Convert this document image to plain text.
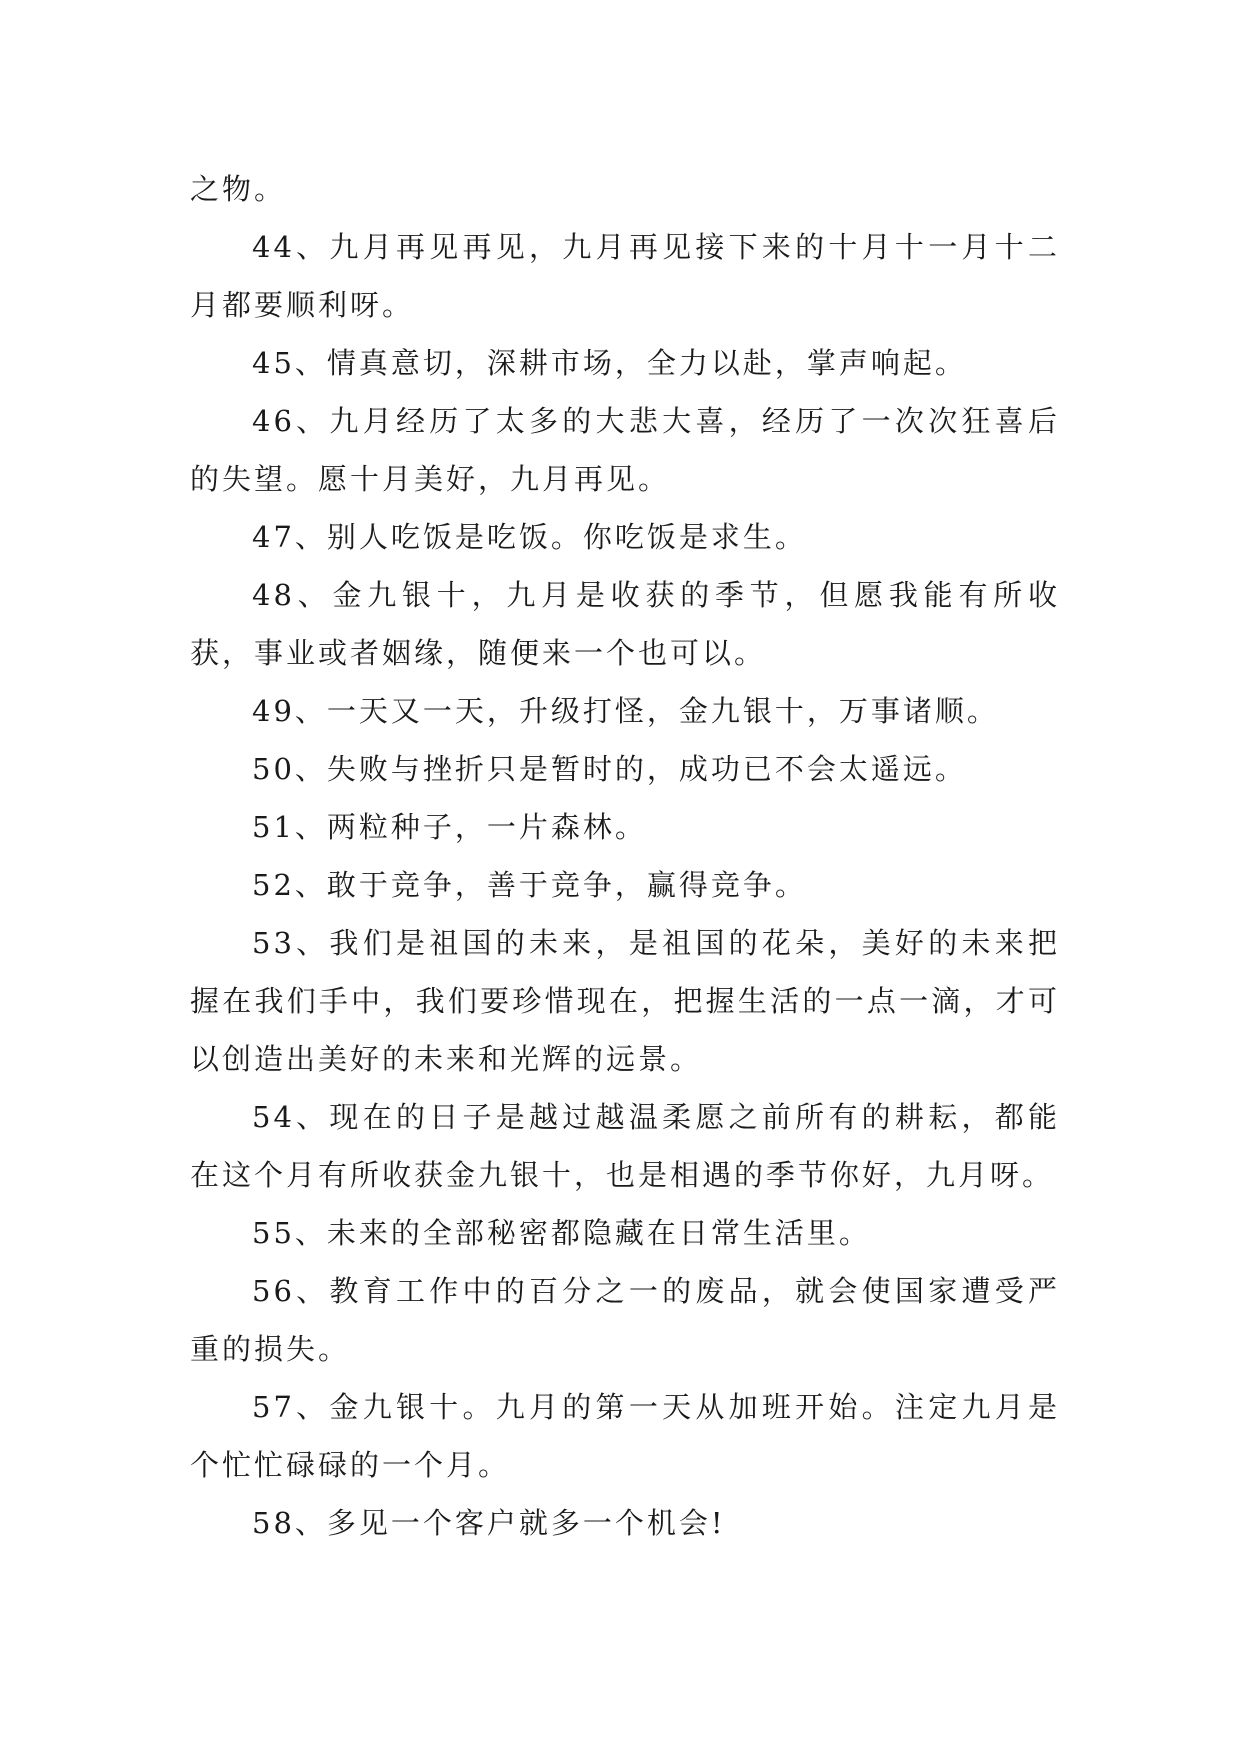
之物。

44、九月再见再见，九月再见接下来的十月十一月十二月都要顺利呀。

45、情真意切，深耕市场，全力以赴，掌声响起。

46、九月经历了太多的大悲大喜，经历了一次次狂喜后的失望。愿十月美好，九月再见。

47、别人吃饭是吃饭。你吃饭是求生。

48、金九银十，九月是收获的季节，但愿我能有所收获，事业或者姻缘，随便来一个也可以。

49、一天又一天，升级打怪，金九银十，万事诸顺。

50、失败与挫折只是暂时的，成功已不会太遥远。

51、两粒种子，一片森林。

52、敢于竞争，善于竞争，赢得竞争。

53、我们是祖国的未来，是祖国的花朵，美好的未来把握在我们手中，我们要珍惜现在，把握生活的一点一滴，才可以创造出美好的未来和光辉的远景。

54、现在的日子是越过越温柔愿之前所有的耕耘，都能在这个月有所收获金九银十，也是相遇的季节你好，九月呀。

55、未来的全部秘密都隐藏在日常生活里。

56、教育工作中的百分之一的废品，就会使国家遭受严重的损失。

57、金九银十。九月的第一天从加班开始。注定九月是个忙忙碌碌的一个月。

58、多见一个客户就多一个机会!
